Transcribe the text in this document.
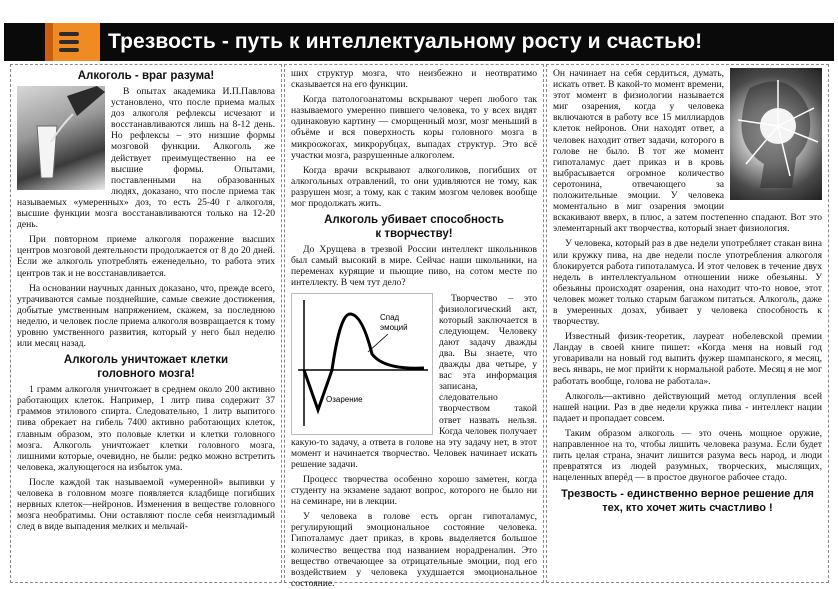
Трезвость - путь к интеллектуальному росту и счастью!
Алкоголь - враг разума!

В опытах академика И.П.Павлова установлено, что после приема малых доз алкоголя рефлексы исчезают и восстанавливаются лишь на 8-12 день. Но рефлексы – это низшие формы мозговой функции. Алкоголь же действует преимущественно на ее высшие формы. Опытами, поставленными на образованных людях, доказано, что после приема так называемых «умеренных» доз, то есть 25-40 г алкоголя, высшие функции мозга восстанавливаются только на 12-20 день.

При повторном приеме алкоголя поражение высших центров мозговой деятельности продолжается от 8 до 20 дней. Если же алкоголь употреблять еженедельно, то работа этих центров так и не восстанавливается.

На основании научных данных доказано, что, прежде всего, утрачиваются самые позднейшие, самые свежие достижения, добытые умственным напряжением, скажем, за последнюю неделю, и человек после приема алкоголя возвращается к тому уровню умственного развития, который у него был неделю или месяц назад.

Алкоголь уничтожает клетки
головного мозга!

1 грамм алкоголя уничтожает в среднем около 200 активно работающих клеток. Например, 1 литр пива содержит 37 граммов этилового спирта. Следовательно, 1 литр выпитого пива обрекает на гибель 7400 активно работающих клеток, главным образом, это половые клетки и клетки головного мозга. Алкоголь уничтожает клетки головного мозга, лишними которые, очевидно, не были: редко можно встретить человека, жалующегося на избыток ума.

После каждой так называемой «умеренной» выпивки у человека в головном мозге появляется кладбище погибших нервных клеток—нейронов. Изменения в веществе головного мозга необратимы. Они оставляют после себя неизгладимый след в виде выпадения мелких и мельчай-

ших структур мозга, что неизбежно и неотвратимо сказывается на его функции.

Когда патологоанатомы вскрывают череп любого так называемого умеренно пившего человека, то у всех видят одинаковую картину — сморщенный мозг, мозг меньший в объёме и вся поверхность коры головного мозга в микроожогах, микрорубцах, выпадах структур. Это всё участки мозга, разрушенные алкоголем.

Когда врачи вскрывают алкоголиков, погибших от алкогольных отравлений, то они удивляются не тому, как разрушен мозг, а тому, как с таким мозгом человек вообще мог продолжать жить.

Алкоголь убивает способность
к творчеству!

До Хрущева в трезвой России интеллект школьников был самый высокий в мире. Сейчас наши школьники, на переменах курящие и пьющие пиво, на сотом месте по интеллекту. В чем тут дело?

Спад
эмоций
Озарение

Творчество – это физиологический акт, который заключается в следующем. Человеку дают задачу дважды два. Вы знаете, что дважды два четыре, у вас эта информация записана, следовательно творчеством такой ответ назвать нельзя. Когда человек получает какую-то задачу, а ответа в голове на эту задачу нет, в этот момент и начинается творчество. Человек начинает искать решение задачи.

Процесс творчества особенно хорошо заметен, когда студенту на экзамене задают вопрос, которого не было ни на семинаре, ни в лекции.

У человека в голове есть орган гипоталамус, регулирующий эмоциональное состояние человека. Гипоталамус дает приказ, в кровь выделяется большое количество вещества под названием норадреналин. Это вещество отвечающее за отрицательные эмоции, под его воздействием у человека ухудшается эмоциональное состояние.

Он начинает на себя сердиться, думать, искать ответ. В какой-то момент времени, этот момент в физиологии называется миг озарения, когда у человека включаются в работу все 15 миллиардов клеток нейронов. Они находят ответ, а человек находит ответ задачи, которого в голове не было. В тот же момент гипоталамус дает приказ и в кровь выбрасывается огромное количество серотонина, отвечающего за положительные эмоции. У человека моментально в миг озарения эмоции вскакивают вверх, в плюс, а затем постепенно спадают. Вот это элементарный акт творчества, который знает физиология.

У человека, который раз в две недели употребляет стакан вина или кружку пива, на две недели после употребления алкоголя блокируется работа гипоталамуса. И этот человек в течение двух недель в интеллектуальном отношении ниже обезьяны. У обезьяны происходят озарения, она находит что-то новое, этот человек может только старым багажом питаться. Алкоголь, даже в умеренных дозах, убивает у человека способность к творчеству.

Известный физик-теоретик, лауреат нобелевской премии Ландау в своей книге пишет: «Когда меня на новый год уговаривали на новый год выпить фужер шампанского, я месяц, весь январь, не мог прийти к нормальной работе. Месяц я не мог работать вообще, голова не работала».

Алкоголь—активно действующий метод оглупления всей нашей нации. Раз в две недели кружка пива - интеллект нации падает и пропадает совсем.

Таким образом алкоголь — это очень мощное оружие, направленное на то, чтобы лишить человека разума. Если будет пить целая страна, значит лишится разума весь народ, и люди превратятся из людей разумных, творческих, мыслящих, нацеленных вперёд — в простое двуногое рабочее стадо.

Трезвость - единственно верное решение для тех, кто хочет жить счастливо !
